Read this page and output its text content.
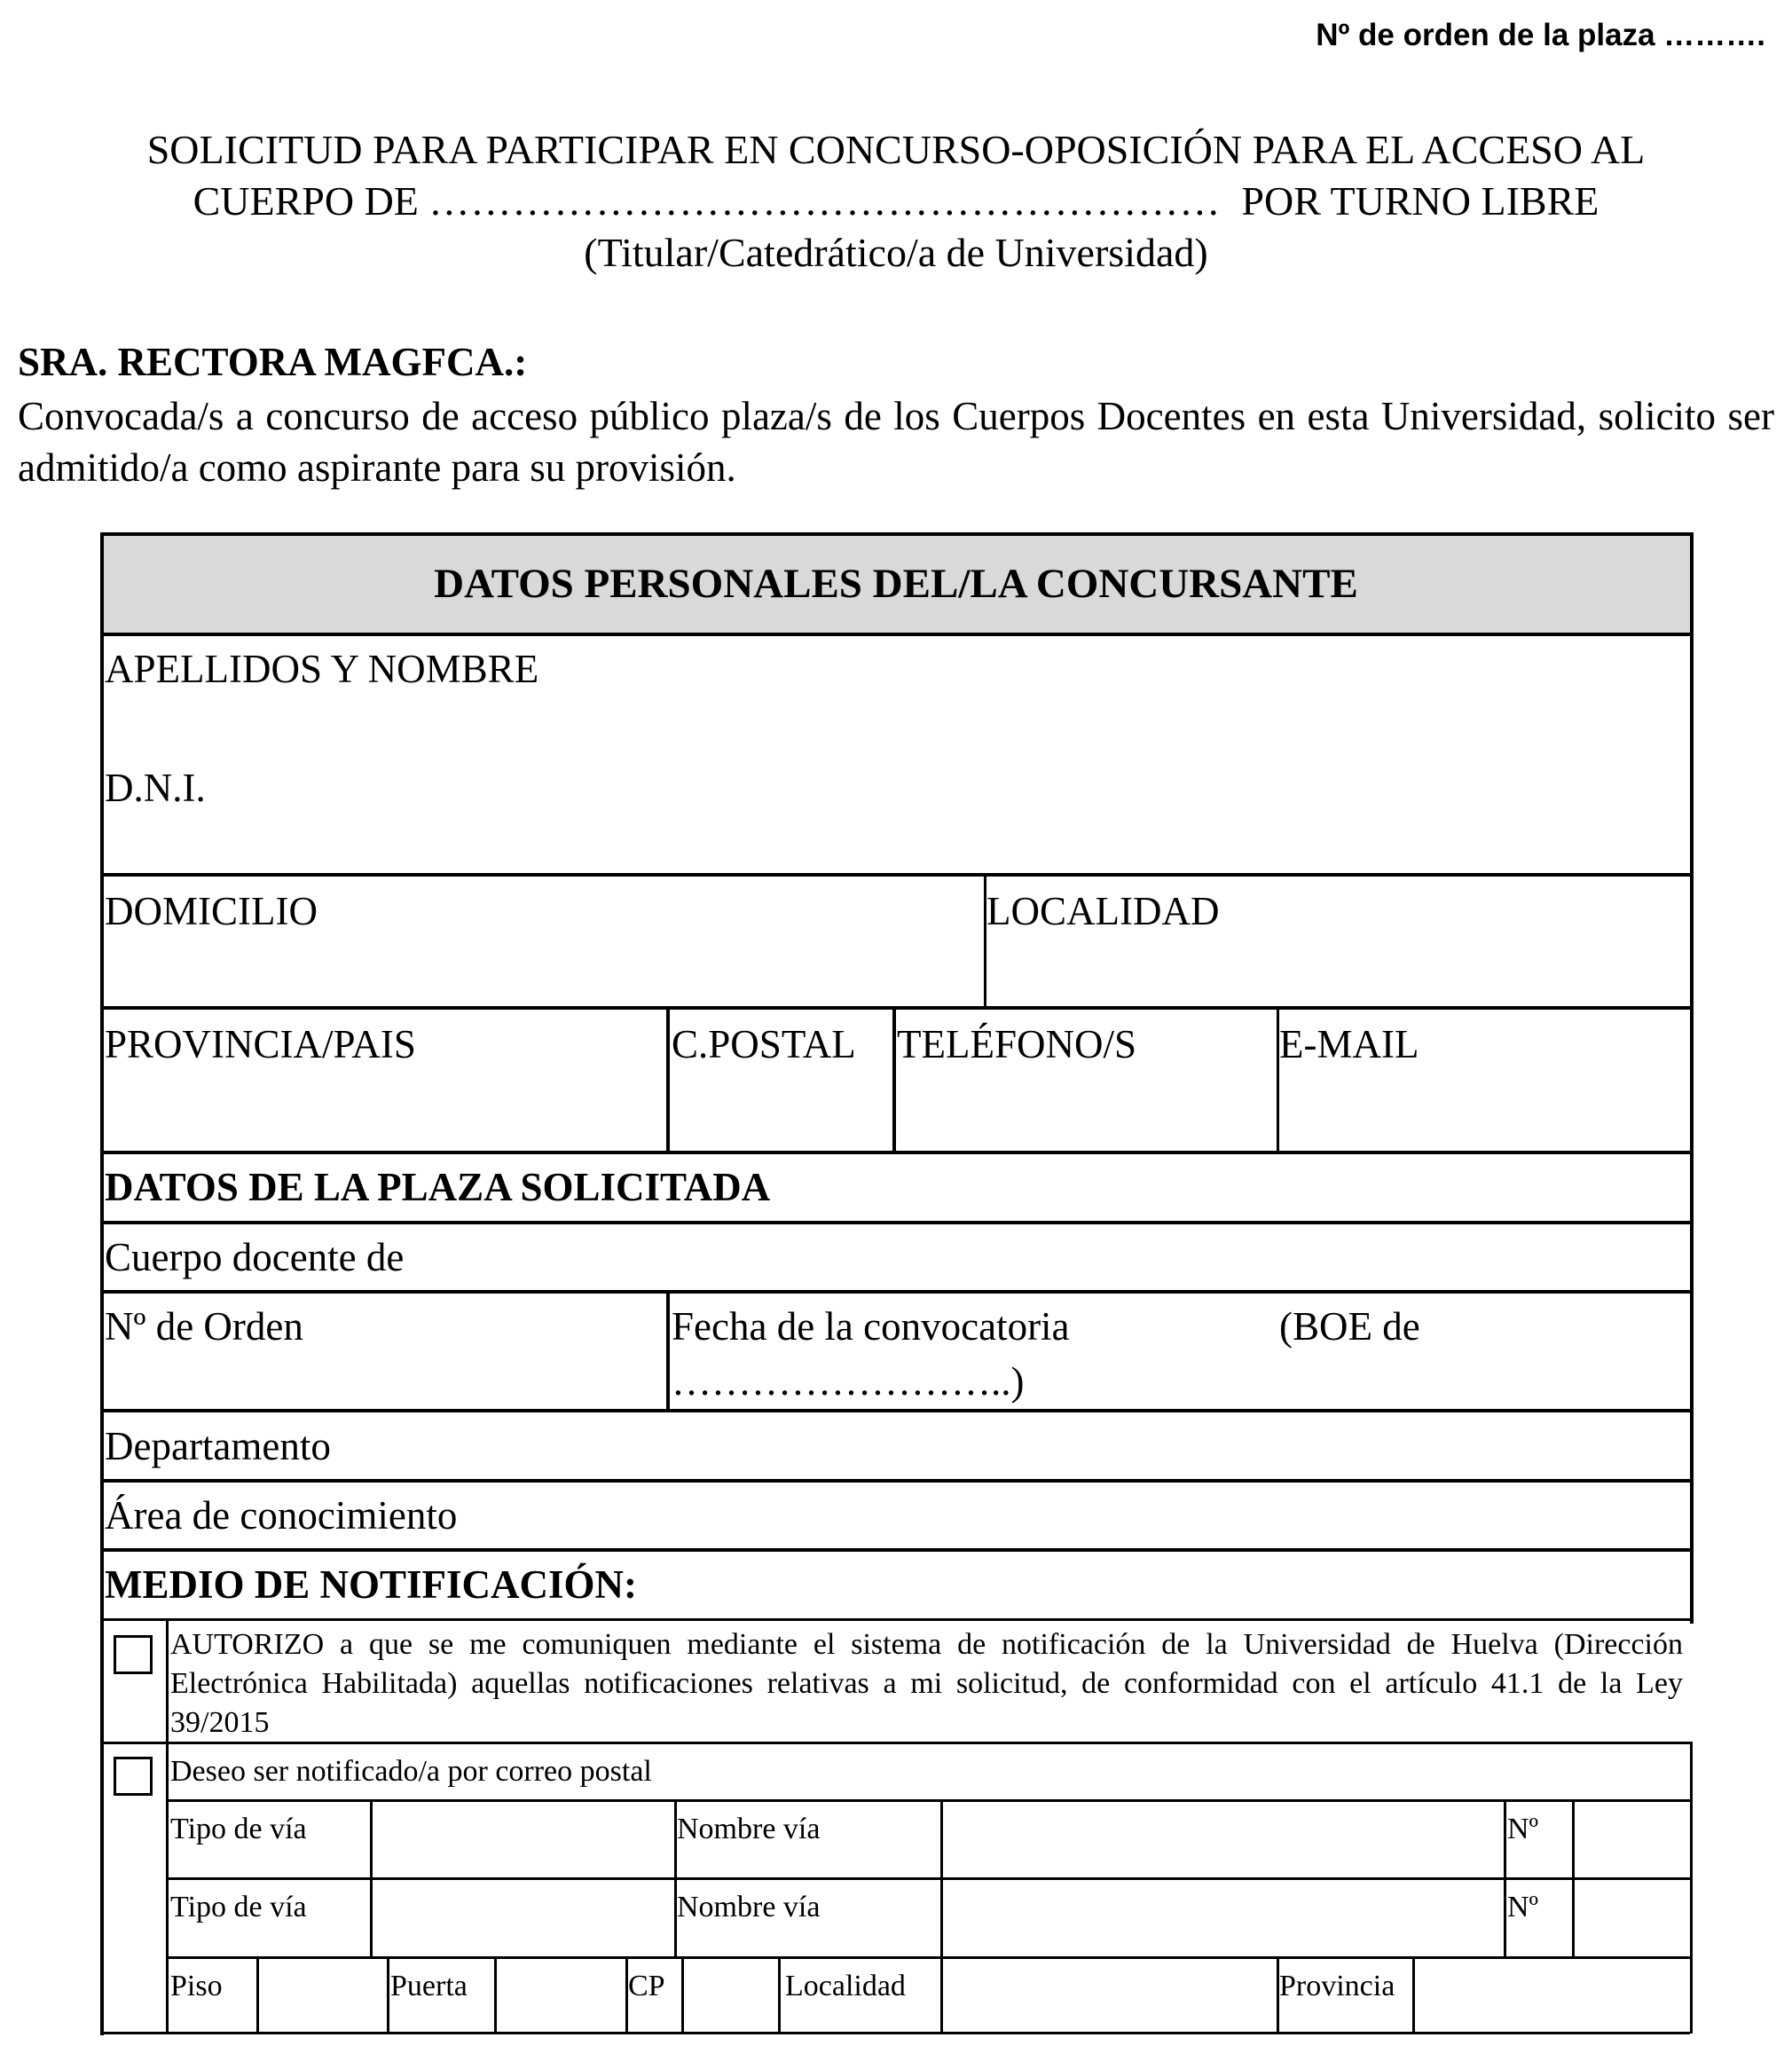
Nº de orden de la plaza ……….
SOLICITUD PARA PARTICIPAR EN CONCURSO-OPOSICIÓN PARA EL ACCESO AL
CUERPO DE ………………………………………………… POR TURNO LIBRE
(Titular/Catedrático/a de Universidad)
SRA. RECTORA MAGFCA.:
Convocada/s a concurso de acceso público plaza/s de los Cuerpos Docentes en esta Universidad, solicito ser admitido/a como aspirante para su provisión.
DATOS PERSONALES DEL/LA CONCURSANTE
APELLIDOS Y NOMBRE
D.N.I.
DOMICILIO	LOCALIDAD
PROVINCIA/PAIS	C.POSTAL TELÉFONO/S	E-MAIL
DATOS DE LA PLAZA SOLICITADA
Cuerpo docente de
Nº de Orden	Fecha de la convocatoria	(BOE de
……………………..)
Departamento
Área de conocimiento
MEDIO DE NOTIFICACIÓN:
AUTORIZO a que se me comuniquen mediante el sistema de notificación de la Universidad de Huelva (Dirección Electrónica Habilitada) aquellas notificaciones relativas a mi solicitud, de conformidad con el artículo 41.1 de la Ley 39/2015
Deseo ser notificado/a por correo postal
Tipo de vía	Nombre vía	Nº
Tipo de vía	Nombre vía	Nº
Piso	Puerta	CP	Localidad	Provincia
